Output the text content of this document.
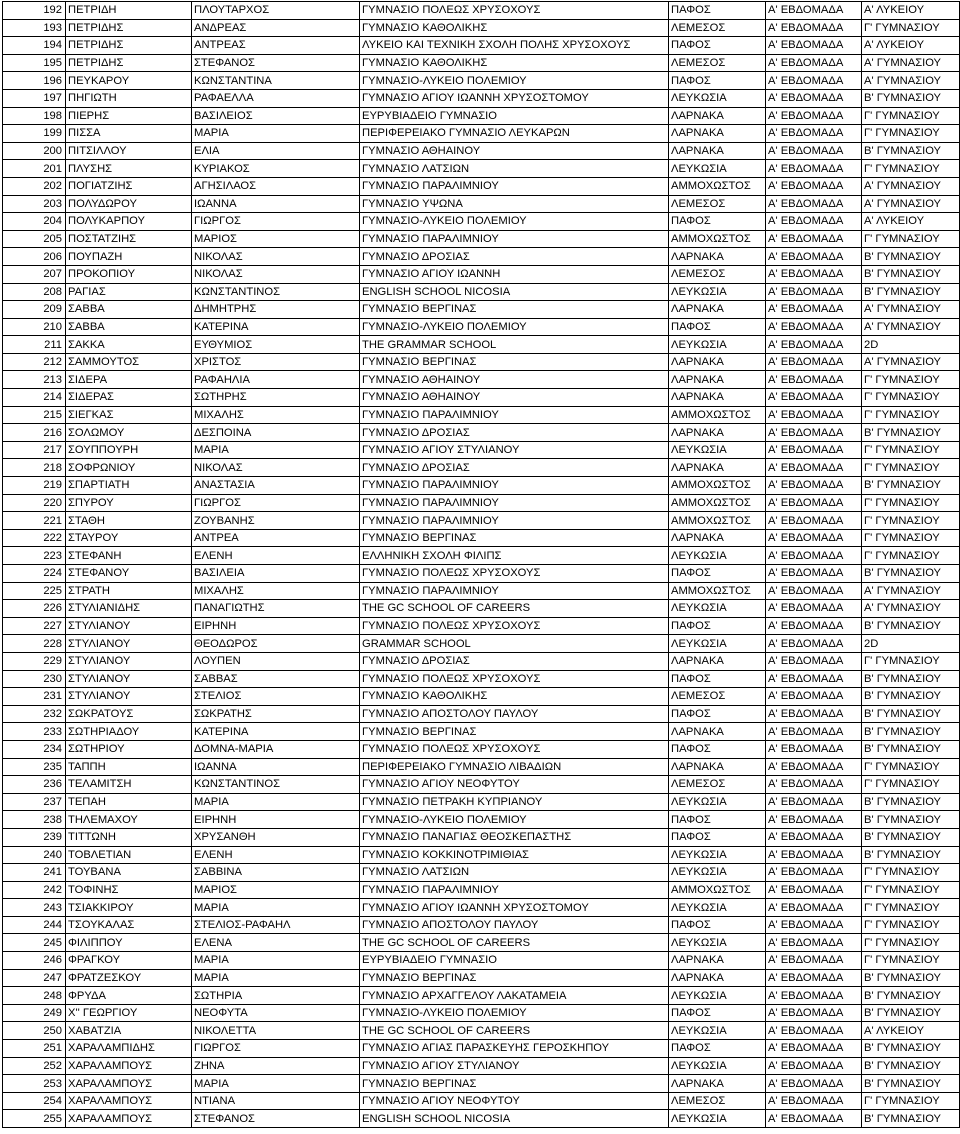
192	ΠΕΤΡΙΔΗ	ΠΛΟΥΤΑΡΧΟΣ	ΓΥΜΝΑΣΙΟ ΠΟΛΕΩΣ ΧΡΥΣΟΧΟΥΣ	ΠΑΦΟΣ	Α' ΕΒΔΟΜΑΔΑ	Α' ΛΥΚΕΙΟΥ
193	ΠΕΤΡΙΔΗΣ	ΑΝΔΡΕΑΣ	ΓΥΜΝΑΣΙΟ ΚΑΘΟΛΙΚΗΣ	ΛΕΜΕΣΟΣ	Α' ΕΒΔΟΜΑΔΑ	Γ' ΓΥΜΝΑΣΙΟΥ
194	ΠΕΤΡΙΔΗΣ	ΑΝΤΡΕΑΣ	ΛΥΚΕΙΟ ΚΑΙ ΤΕΧΝΙΚΗ ΣΧΟΛΗ ΠΟΛΗΣ ΧΡΥΣΟΧΟΥΣ	ΠΑΦΟΣ	Α' ΕΒΔΟΜΑΔΑ	Α' ΛΥΚΕΙΟΥ
195	ΠΕΤΡΙΔΗΣ	ΣΤΕΦΑΝΟΣ	ΓΥΜΝΑΣΙΟ ΚΑΘΟΛΙΚΗΣ	ΛΕΜΕΣΟΣ	Α' ΕΒΔΟΜΑΔΑ	Α' ΓΥΜΝΑΣΙΟΥ
196	ΠΕΥΚΑΡΟΥ	ΚΩΝΣΤΑΝΤΙΝΑ	ΓΥΜΝΑΣΙΟ-ΛΥΚΕΙΟ ΠΟΛΕΜΙΟΥ	ΠΑΦΟΣ	Α' ΕΒΔΟΜΑΔΑ	Α' ΓΥΜΝΑΣΙΟΥ
197	ΠΗΓΙΩΤΗ	ΡΑΦΑΕΛΛΑ	ΓΥΜΝΑΣΙΟ ΑΓΙΟΥ ΙΩΑΝΝΗ ΧΡΥΣΟΣΤΟΜΟΥ	ΛΕΥΚΩΣΙΑ	Α' ΕΒΔΟΜΑΔΑ	Β' ΓΥΜΝΑΣΙΟΥ
198	ΠΙΕΡΗΣ	ΒΑΣΙΛΕΙΟΣ	ΕΥΡΥΒΙΑΔΕΙΟ ΓΥΜΝΑΣΙΟ	ΛΑΡΝΑΚΑ	Α' ΕΒΔΟΜΑΔΑ	Γ' ΓΥΜΝΑΣΙΟΥ
199	ΠΙΣΣΑ	ΜΑΡΙΑ	ΠΕΡΙΦΕΡΕΙΑΚΟ ΓΥΜΝΑΣΙΟ ΛΕΥΚΑΡΩΝ	ΛΑΡΝΑΚΑ	Α' ΕΒΔΟΜΑΔΑ	Γ' ΓΥΜΝΑΣΙΟΥ
200	ΠΙΤΣΙΛΛΟΥ	ΕΛΙΑ	ΓΥΜΝΑΣΙΟ ΑΘΗΑΙΝΟΥ	ΛΑΡΝΑΚΑ	Α' ΕΒΔΟΜΑΔΑ	Β' ΓΥΜΝΑΣΙΟΥ
201	ΠΛΥΣΗΣ	ΚΥΡΙΑΚΟΣ	ΓΥΜΝΑΣΙΟ ΛΑΤΣΙΩΝ	ΛΕΥΚΩΣΙΑ	Α' ΕΒΔΟΜΑΔΑ	Γ' ΓΥΜΝΑΣΙΟΥ
202	ΠΟΓΙΑΤΖΙΗΣ	ΑΓΗΣΙΛΑΟΣ	ΓΥΜΝΑΣΙΟ ΠΑΡΑΛΙΜΝΙΟΥ	ΑΜΜΟΧΩΣΤΟΣ	Α' ΕΒΔΟΜΑΔΑ	Α' ΓΥΜΝΑΣΙΟΥ
203	ΠΟΛΥΔΩΡΟΥ	ΙΩΑΝΝΑ	ΓΥΜΝΑΣΙΟ ΥΨΩΝΑ	ΛΕΜΕΣΟΣ	Α' ΕΒΔΟΜΑΔΑ	Α' ΓΥΜΝΑΣΙΟΥ
204	ΠΟΛΥΚΑΡΠΟΥ	ΓΙΩΡΓΟΣ	ΓΥΜΝΑΣΙΟ-ΛΥΚΕΙΟ ΠΟΛΕΜΙΟΥ	ΠΑΦΟΣ	Α' ΕΒΔΟΜΑΔΑ	Α' ΛΥΚΕΙΟΥ
205	ΠΟΣΤΑΤΖΙΗΣ	ΜΑΡΙΟΣ	ΓΥΜΝΑΣΙΟ ΠΑΡΑΛΙΜΝΙΟΥ	ΑΜΜΟΧΩΣΤΟΣ	Α' ΕΒΔΟΜΑΔΑ	Γ' ΓΥΜΝΑΣΙΟΥ
206	ΠΟΥΠΑΖΗ	ΝΙΚΟΛΑΣ	ΓΥΜΝΑΣΙΟ ΔΡΟΣΙΑΣ	ΛΑΡΝΑΚΑ	Α' ΕΒΔΟΜΑΔΑ	Β' ΓΥΜΝΑΣΙΟΥ
207	ΠΡΟΚΟΠΙΟΥ	ΝΙΚΟΛΑΣ	ΓΥΜΝΑΣΙΟ ΑΓΙΟΥ ΙΩΑΝΝΗ	ΛΕΜΕΣΟΣ	Α' ΕΒΔΟΜΑΔΑ	Β' ΓΥΜΝΑΣΙΟΥ
208	ΡΑΓΙΑΣ	ΚΩΝΣΤΑΝΤΙΝΟΣ	ENGLISH SCHOOL NICOSIA	ΛΕΥΚΩΣΙΑ	Α' ΕΒΔΟΜΑΔΑ	Β' ΓΥΜΝΑΣΙΟΥ
209	ΣΑΒΒΑ	ΔΗΜΗΤΡΗΣ	ΓΥΜΝΑΣΙΟ ΒΕΡΓΙΝΑΣ	ΛΑΡΝΑΚΑ	Α' ΕΒΔΟΜΑΔΑ	Α' ΓΥΜΝΑΣΙΟΥ
210	ΣΑΒΒΑ	ΚΑΤΕΡΙΝΑ	ΓΥΜΝΑΣΙΟ-ΛΥΚΕΙΟ ΠΟΛΕΜΙΟΥ	ΠΑΦΟΣ	Α' ΕΒΔΟΜΑΔΑ	Α' ΓΥΜΝΑΣΙΟΥ
211	ΣΑΚΚΑ	ΕΥΘΥΜΙΟΣ	THE GRAMMAR SCHOOL	ΛΕΥΚΩΣΙΑ	Α' ΕΒΔΟΜΑΔΑ	2D
212	ΣΑΜΜΟΥΤΟΣ	ΧΡΙΣΤΟΣ	ΓΥΜΝΑΣΙΟ ΒΕΡΓΙΝΑΣ	ΛΑΡΝΑΚΑ	Α' ΕΒΔΟΜΑΔΑ	Α' ΓΥΜΝΑΣΙΟΥ
213	ΣΙΔΕΡΑ	ΡΑΦΑΗΛΙΑ	ΓΥΜΝΑΣΙΟ ΑΘΗΑΙΝΟΥ	ΛΑΡΝΑΚΑ	Α' ΕΒΔΟΜΑΔΑ	Γ' ΓΥΜΝΑΣΙΟΥ
214	ΣΙΔΕΡΑΣ	ΣΩΤΗΡΗΣ	ΓΥΜΝΑΣΙΟ ΑΘΗΑΙΝΟΥ	ΛΑΡΝΑΚΑ	Α' ΕΒΔΟΜΑΔΑ	Γ' ΓΥΜΝΑΣΙΟΥ
215	ΣΙΕΓΚΑΣ	ΜΙΧΑΛΗΣ	ΓΥΜΝΑΣΙΟ ΠΑΡΑΛΙΜΝΙΟΥ	ΑΜΜΟΧΩΣΤΟΣ	Α' ΕΒΔΟΜΑΔΑ	Γ' ΓΥΜΝΑΣΙΟΥ
216	ΣΟΛΩΜΟΥ	ΔΕΣΠΟΙΝΑ	ΓΥΜΝΑΣΙΟ ΔΡΟΣΙΑΣ	ΛΑΡΝΑΚΑ	Α' ΕΒΔΟΜΑΔΑ	Β' ΓΥΜΝΑΣΙΟΥ
217	ΣΟΥΠΠΟΥΡΗ	ΜΑΡΙΑ	ΓΥΜΝΑΣΙΟ ΑΓΙΟΥ ΣΤΥΛΙΑΝΟΥ	ΛΕΥΚΩΣΙΑ	Α' ΕΒΔΟΜΑΔΑ	Γ' ΓΥΜΝΑΣΙΟΥ
218	ΣΟΦΡΩΝΙΟΥ	ΝΙΚΟΛΑΣ	ΓΥΜΝΑΣΙΟ ΔΡΟΣΙΑΣ	ΛΑΡΝΑΚΑ	Α' ΕΒΔΟΜΑΔΑ	Γ' ΓΥΜΝΑΣΙΟΥ
219	ΣΠΑΡΤΙΑΤΗ	ΑΝΑΣΤΑΣΙΑ	ΓΥΜΝΑΣΙΟ ΠΑΡΑΛΙΜΝΙΟΥ	ΑΜΜΟΧΩΣΤΟΣ	Α' ΕΒΔΟΜΑΔΑ	Β' ΓΥΜΝΑΣΙΟΥ
220	ΣΠΥΡΟΥ	ΓΙΩΡΓΟΣ	ΓΥΜΝΑΣΙΟ ΠΑΡΑΛΙΜΝΙΟΥ	ΑΜΜΟΧΩΣΤΟΣ	Α' ΕΒΔΟΜΑΔΑ	Γ' ΓΥΜΝΑΣΙΟΥ
221	ΣΤΑΘΗ	ΖΟΥΒΑΝΗΣ	ΓΥΜΝΑΣΙΟ ΠΑΡΑΛΙΜΝΙΟΥ	ΑΜΜΟΧΩΣΤΟΣ	Α' ΕΒΔΟΜΑΔΑ	Γ' ΓΥΜΝΑΣΙΟΥ
222	ΣΤΑΥΡΟΥ	ΑΝΤΡΕΑ	ΓΥΜΝΑΣΙΟ ΒΕΡΓΙΝΑΣ	ΛΑΡΝΑΚΑ	Α' ΕΒΔΟΜΑΔΑ	Γ' ΓΥΜΝΑΣΙΟΥ
223	ΣΤΕΦΑΝΗ	ΕΛΕΝΗ	ΕΛΛΗΝΙΚΗ ΣΧΟΛΗ ΦΙΛΙΠΣ	ΛΕΥΚΩΣΙΑ	Α' ΕΒΔΟΜΑΔΑ	Γ' ΓΥΜΝΑΣΙΟΥ
224	ΣΤΕΦΑΝΟΥ	ΒΑΣΙΛΕΙΑ	ΓΥΜΝΑΣΙΟ ΠΟΛΕΩΣ ΧΡΥΣΟΧΟΥΣ	ΠΑΦΟΣ	Α' ΕΒΔΟΜΑΔΑ	Β' ΓΥΜΝΑΣΙΟΥ
225	ΣΤΡΑΤΗ	ΜΙΧΑΛΗΣ	ΓΥΜΝΑΣΙΟ ΠΑΡΑΛΙΜΝΙΟΥ	ΑΜΜΟΧΩΣΤΟΣ	Α' ΕΒΔΟΜΑΔΑ	Α' ΓΥΜΝΑΣΙΟΥ
226	ΣΤΥΛΙΑΝΙΔΗΣ	ΠΑΝΑΓΙΩΤΗΣ	THE GC SCHOOL OF CAREERS	ΛΕΥΚΩΣΙΑ	Α' ΕΒΔΟΜΑΔΑ	Α' ΓΥΜΝΑΣΙΟΥ
227	ΣΤΥΛΙΑΝΟΥ	ΕΙΡΗΝΗ	ΓΥΜΝΑΣΙΟ ΠΟΛΕΩΣ ΧΡΥΣΟΧΟΥΣ	ΠΑΦΟΣ	Α' ΕΒΔΟΜΑΔΑ	Β' ΓΥΜΝΑΣΙΟΥ
228	ΣΤΥΛΙΑΝΟΥ	ΘΕΟΔΩΡΟΣ	GRAMMAR SCHOOL	ΛΕΥΚΩΣΙΑ	Α' ΕΒΔΟΜΑΔΑ	2D
229	ΣΤΥΛΙΑΝΟΥ	ΛΟΥΠΕΝ	ΓΥΜΝΑΣΙΟ ΔΡΟΣΙΑΣ	ΛΑΡΝΑΚΑ	Α' ΕΒΔΟΜΑΔΑ	Γ' ΓΥΜΝΑΣΙΟΥ
230	ΣΤΥΛΙΑΝΟΥ	ΣΑΒΒΑΣ	ΓΥΜΝΑΣΙΟ ΠΟΛΕΩΣ ΧΡΥΣΟΧΟΥΣ	ΠΑΦΟΣ	Α' ΕΒΔΟΜΑΔΑ	Β' ΓΥΜΝΑΣΙΟΥ
231	ΣΤΥΛΙΑΝΟΥ	ΣΤΕΛΙΟΣ	ΓΥΜΝΑΣΙΟ ΚΑΘΟΛΙΚΗΣ	ΛΕΜΕΣΟΣ	Α' ΕΒΔΟΜΑΔΑ	Β' ΓΥΜΝΑΣΙΟΥ
232	ΣΩΚΡΑΤΟΥΣ	ΣΩΚΡΑΤΗΣ	ΓΥΜΝΑΣΙΟ ΑΠΟΣΤΟΛΟΥ ΠΑΥΛΟΥ	ΠΑΦΟΣ	Α' ΕΒΔΟΜΑΔΑ	Β' ΓΥΜΝΑΣΙΟΥ
233	ΣΩΤΗΡΙΑΔΟΥ	ΚΑΤΕΡΙΝΑ	ΓΥΜΝΑΣΙΟ ΒΕΡΓΙΝΑΣ	ΛΑΡΝΑΚΑ	Α' ΕΒΔΟΜΑΔΑ	Β' ΓΥΜΝΑΣΙΟΥ
234	ΣΩΤΗΡΙΟΥ	ΔΟΜΝΑ-ΜΑΡΙΑ	ΓΥΜΝΑΣΙΟ ΠΟΛΕΩΣ ΧΡΥΣΟΧΟΥΣ	ΠΑΦΟΣ	Α' ΕΒΔΟΜΑΔΑ	Β' ΓΥΜΝΑΣΙΟΥ
235	ΤΑΠΠΗ	ΙΩΑΝΝΑ	ΠΕΡΙΦΕΡΕΙΑΚΟ ΓΥΜΝΑΣΙΟ ΛΙΒΑΔΙΩΝ	ΛΑΡΝΑΚΑ	Α' ΕΒΔΟΜΑΔΑ	Γ' ΓΥΜΝΑΣΙΟΥ
236	ΤΕΛΑΜΙΤΣΗ	ΚΩΝΣΤΑΝΤΙΝΟΣ	ΓΥΜΝΑΣΙΟ ΑΓΙΟΥ ΝΕΟΦΥΤΟΥ	ΛΕΜΕΣΟΣ	Α' ΕΒΔΟΜΑΔΑ	Γ' ΓΥΜΝΑΣΙΟΥ
237	ΤΕΠΑΗ	ΜΑΡΙΑ	ΓΥΜΝΑΣΙΟ ΠΕΤΡΑΚΗ ΚΥΠΡΙΑΝΟΥ	ΛΕΥΚΩΣΙΑ	Α' ΕΒΔΟΜΑΔΑ	Β' ΓΥΜΝΑΣΙΟΥ
238	ΤΗΛΕΜΑΧΟΥ	ΕΙΡΗΝΗ	ΓΥΜΝΑΣΙΟ-ΛΥΚΕΙΟ ΠΟΛΕΜΙΟΥ	ΠΑΦΟΣ	Α' ΕΒΔΟΜΑΔΑ	Β' ΓΥΜΝΑΣΙΟΥ
239	ΤΙΤΤΩΝΗ	ΧΡΥΣΑΝΘΗ	ΓΥΜΝΑΣΙΟ ΠΑΝΑΓΙΑΣ ΘΕΟΣΚΕΠΑΣΤΗΣ	ΠΑΦΟΣ	Α' ΕΒΔΟΜΑΔΑ	Β' ΓΥΜΝΑΣΙΟΥ
240	ΤΟΒΛΕΤΙΑΝ	ΕΛΕΝΗ	ΓΥΜΝΑΣΙΟ ΚΟΚΚΙΝΟΤΡΙΜΙΘΙΑΣ	ΛΕΥΚΩΣΙΑ	Α' ΕΒΔΟΜΑΔΑ	Β' ΓΥΜΝΑΣΙΟΥ
241	ΤΟΥΒΑΝΑ	ΣΑΒΒΙΝΑ	ΓΥΜΝΑΣΙΟ ΛΑΤΣΙΩΝ	ΛΕΥΚΩΣΙΑ	Α' ΕΒΔΟΜΑΔΑ	Γ' ΓΥΜΝΑΣΙΟΥ
242	ΤΟΦΙΝΗΣ	ΜΑΡΙΟΣ	ΓΥΜΝΑΣΙΟ ΠΑΡΑΛΙΜΝΙΟΥ	ΑΜΜΟΧΩΣΤΟΣ	Α' ΕΒΔΟΜΑΔΑ	Γ' ΓΥΜΝΑΣΙΟΥ
243	ΤΣΙΑΚΚΙΡΟΥ	ΜΑΡΙΑ	ΓΥΜΝΑΣΙΟ ΑΓΙΟΥ ΙΩΑΝΝΗ ΧΡΥΣΟΣΤΟΜΟΥ	ΛΕΥΚΩΣΙΑ	Α' ΕΒΔΟΜΑΔΑ	Γ' ΓΥΜΝΑΣΙΟΥ
244	ΤΣΟΥΚΑΛΑΣ	ΣΤΕΛΙΟΣ-ΡΑΦΑΗΛ	ΓΥΜΝΑΣΙΟ ΑΠΟΣΤΟΛΟΥ ΠΑΥΛΟΥ	ΠΑΦΟΣ	Α' ΕΒΔΟΜΑΔΑ	Γ' ΓΥΜΝΑΣΙΟΥ
245	ΦΙΛΙΠΠΟΥ	ΕΛΕΝΑ	THE GC SCHOOL OF CAREERS	ΛΕΥΚΩΣΙΑ	Α' ΕΒΔΟΜΑΔΑ	Γ' ΓΥΜΝΑΣΙΟΥ
246	ΦΡΑΓΚΟΥ	ΜΑΡΙΑ	ΕΥΡΥΒΙΑΔΕΙΟ ΓΥΜΝΑΣΙΟ	ΛΑΡΝΑΚΑ	Α' ΕΒΔΟΜΑΔΑ	Γ' ΓΥΜΝΑΣΙΟΥ
247	ΦΡΑΤΖΕΣΚΟΥ	ΜΑΡΙΑ	ΓΥΜΝΑΣΙΟ ΒΕΡΓΙΝΑΣ	ΛΑΡΝΑΚΑ	Α' ΕΒΔΟΜΑΔΑ	Β' ΓΥΜΝΑΣΙΟΥ
248	ΦΡΥΔΑ	ΣΩΤΗΡΙΑ	ΓΥΜΝΑΣΙΟ ΑΡΧΑΓΓΕΛΟΥ ΛΑΚΑΤΑΜΕΙΑ	ΛΕΥΚΩΣΙΑ	Α' ΕΒΔΟΜΑΔΑ	Β' ΓΥΜΝΑΣΙΟΥ
249	Χ'' ΓΕΩΡΓΙΟΥ	ΝΕΟΦΥΤΑ	ΓΥΜΝΑΣΙΟ-ΛΥΚΕΙΟ ΠΟΛΕΜΙΟΥ	ΠΑΦΟΣ	Α' ΕΒΔΟΜΑΔΑ	Β' ΓΥΜΝΑΣΙΟΥ
250	ΧΑΒΑΤΖΙΑ	ΝΙΚΟΛΕΤΤΑ	THE GC SCHOOL OF CAREERS	ΛΕΥΚΩΣΙΑ	Α' ΕΒΔΟΜΑΔΑ	Α' ΛΥΚΕΙΟΥ
251	ΧΑΡΑΛΑΜΠΙΔΗΣ	ΓΙΩΡΓΟΣ	ΓΥΜΝΑΣΙΟ ΑΓΙΑΣ ΠΑΡΑΣΚΕΥΗΣ ΓΕΡΟΣΚΗΠΟΥ	ΠΑΦΟΣ	Α' ΕΒΔΟΜΑΔΑ	Β' ΓΥΜΝΑΣΙΟΥ
252	ΧΑΡΑΛΑΜΠΟΥΣ	ΖΗΝΑ	ΓΥΜΝΑΣΙΟ ΑΓΙΟΥ ΣΤΥΛΙΑΝΟΥ	ΛΕΥΚΩΣΙΑ	Α' ΕΒΔΟΜΑΔΑ	Β' ΓΥΜΝΑΣΙΟΥ
253	ΧΑΡΑΛΑΜΠΟΥΣ	ΜΑΡΙΑ	ΓΥΜΝΑΣΙΟ ΒΕΡΓΙΝΑΣ	ΛΑΡΝΑΚΑ	Α' ΕΒΔΟΜΑΔΑ	Β' ΓΥΜΝΑΣΙΟΥ
254	ΧΑΡΑΛΑΜΠΟΥΣ	ΝΤΙΑΝΑ	ΓΥΜΝΑΣΙΟ ΑΓΙΟΥ ΝΕΟΦΥΤΟΥ	ΛΕΜΕΣΟΣ	Α' ΕΒΔΟΜΑΔΑ	Γ' ΓΥΜΝΑΣΙΟΥ
255	ΧΑΡΑΛΑΜΠΟΥΣ	ΣΤΕΦΑΝΟΣ	ENGLISH SCHOOL NICOSIA	ΛΕΥΚΩΣΙΑ	Α' ΕΒΔΟΜΑΔΑ	Β' ΓΥΜΝΑΣΙΟΥ
